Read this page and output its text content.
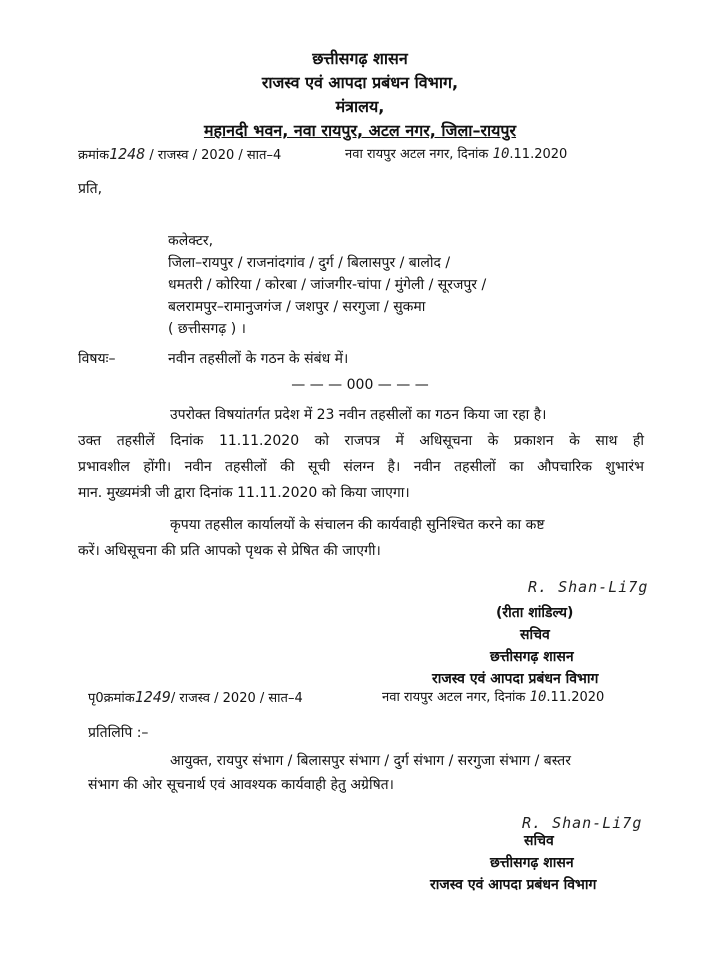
छत्तीसगढ़ शासन
राजस्व एवं आपदा प्रबंधन विभाग,
मंत्रालय,
महानदी भवन, नवा रायपुर, अटल नगर, जिला–रायपुर
क्रमांक1248 / राजस्व / 2020 / सात–4	नवा रायपुर अटल नगर, दिनांक 10.11.2020
प्रति,
कलेक्टर,
जिला–रायपुर / राजनांदगांव / दुर्ग / बिलासपुर / बालोद /
धमतरी / कोरिया / कोरबा / जांजगीर-चांपा / मुंगेली / सूरजपुर /
बलरामपुर–रामानुजगंज / जशपुर / सरगुजा / सुकमा
( छत्तीसगढ़ ) ।
विषयः–	नवीन तहसीलों के गठन के संबंध में।
— — — 000 — — —
उपरोक्त विषयांतर्गत प्रदेश में 23 नवीन तहसीलों का गठन किया जा रहा है।
उक्त तहसीलें दिनांक 11.11.2020 को राजपत्र में अधिसूचना के प्रकाशन के साथ ही
प्रभावशील होंगी। नवीन तहसीलों की सूची संलग्न है। नवीन तहसीलों का औपचारिक शुभारंभ
मान. मुख्यमंत्री जी द्वारा दिनांक 11.11.2020 को किया जाएगा।
कृपया तहसील कार्यालयों के संचालन की कार्यवाही सुनिश्चित करने का कष्ट
करें। अधिसूचना की प्रति आपको पृथक से प्रेषित की जाएगी।
R. Shan-Li7g
(रीता शांडिल्य)
सचिव
छत्तीसगढ़ शासन
राजस्व एवं आपदा प्रबंधन विभाग
पृ0क्रमांक1249/ राजस्व / 2020 / सात–4	नवा रायपुर अटल नगर, दिनांक 10.11.2020
प्रतिलिपि :–
आयुक्त, रायपुर संभाग / बिलासपुर संभाग / दुर्ग संभाग / सरगुजा संभाग / बस्तर
संभाग की ओर सूचनार्थ एवं आवश्यक कार्यवाही हेतु अग्रेषित।
R. Shan-Li7g
सचिव
छत्तीसगढ़ शासन
राजस्व एवं आपदा प्रबंधन विभाग
